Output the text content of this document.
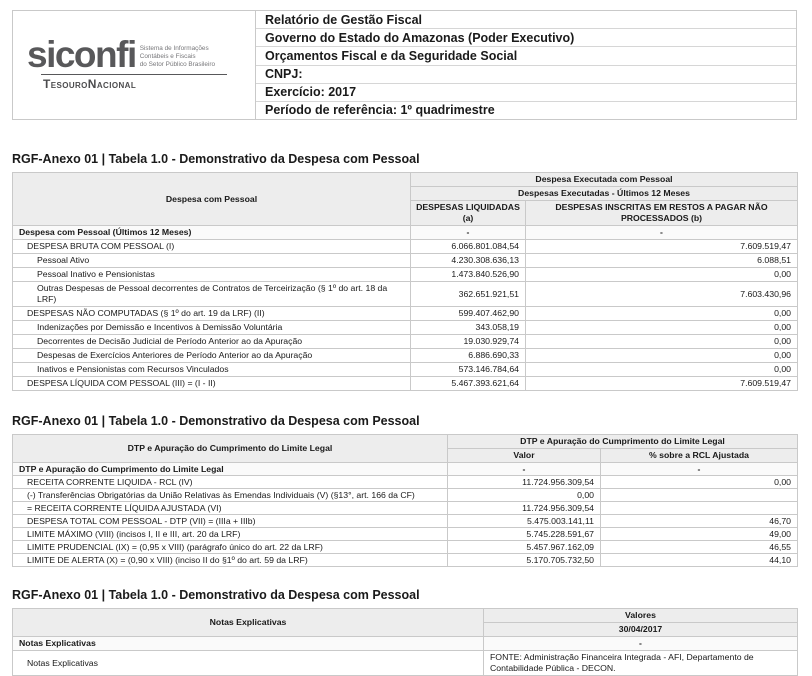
siconfi Sistema de Informações
Contábeis e Fiscais
do Setor Público Brasileiro
TesouroNacional
Relatório de Gestão Fiscal
Governo do Estado do Amazonas (Poder Executivo)
Orçamentos Fiscal e da Seguridade Social
CNPJ:
Exercício: 2017
Período de referência: 1º quadrimestre
RGF-Anexo 01 | Tabela 1.0 - Demonstrativo da Despesa com Pessoal
Despesa com Pessoal	Despesa Executada com Pessoal	
	Despesas Executadas - Últimos 12 Meses	
	DESPESAS LIQUIDADAS (a)	DESPESAS INSCRITAS EM RESTOS A PAGAR NÃO PROCESSADOS (b)
Despesa com Pessoal (Últimos 12 Meses)	-	-
DESPESA BRUTA COM PESSOAL (I)	6.066.801.084,54	7.609.519,47
Pessoal Ativo	4.230.308.636,13	6.088,51
Pessoal Inativo e Pensionistas	1.473.840.526,90	0,00
Outras Despesas de Pessoal decorrentes de Contratos de Terceirização (§ 1º do art. 18 da LRF)	362.651.921,51	7.603.430,96
DESPESAS NÃO COMPUTADAS (§ 1º do art. 19 da LRF) (II)	599.407.462,90	0,00
Indenizações por Demissão e Incentivos à Demissão Voluntária	343.058,19	0,00
Decorrentes de Decisão Judicial de Período Anterior ao da Apuração	19.030.929,74	0,00
Despesas de Exercícios Anteriores de Período Anterior ao da Apuração	6.886.690,33	0,00
Inativos e Pensionistas com Recursos Vinculados	573.146.784,64	0,00
DESPESA LÍQUIDA COM PESSOAL (III) = (I - II)	5.467.393.621,64	7.609.519,47
RGF-Anexo 01 | Tabela 1.0 - Demonstrativo da Despesa com Pessoal
DTP e Apuração do Cumprimento do Limite Legal	DTP e Apuração do Cumprimento do Limite Legal	
	Valor	% sobre a RCL Ajustada
DTP e Apuração do Cumprimento do Limite Legal	-	-
RECEITA CORRENTE LIQUIDA - RCL (IV)	11.724.956.309,54	0,00
(-) Transferências Obrigatórias da União Relativas às Emendas Individuais (V) (§13°, art. 166 da CF)	0,00	
= RECEITA CORRENTE LÍQUIDA AJUSTADA (VI)	11.724.956.309,54	
DESPESA TOTAL COM PESSOAL - DTP (VII) = (IIIa + IIIb)	5.475.003.141,11	46,70
LIMITE MÁXIMO (VIII) (incisos I, II e III, art. 20 da LRF)	5.745.228.591,67	49,00
LIMITE PRUDENCIAL (IX) = (0,95 x VIII) (parágrafo único do art. 22 da LRF)	5.457.967.162,09	46,55
LIMITE DE ALERTA (X) = (0,90 x VIII) (inciso II do §1º do art. 59 da LRF)	5.170.705.732,50	44,10
RGF-Anexo 01 | Tabela 1.0 - Demonstrativo da Despesa com Pessoal
Notas Explicativas	Valores
	30/04/2017
Notas Explicativas	-
Notas Explicativas	FONTE: Administração Financeira Integrada - AFI, Departamento de Contabilidade Pública - DECON.
